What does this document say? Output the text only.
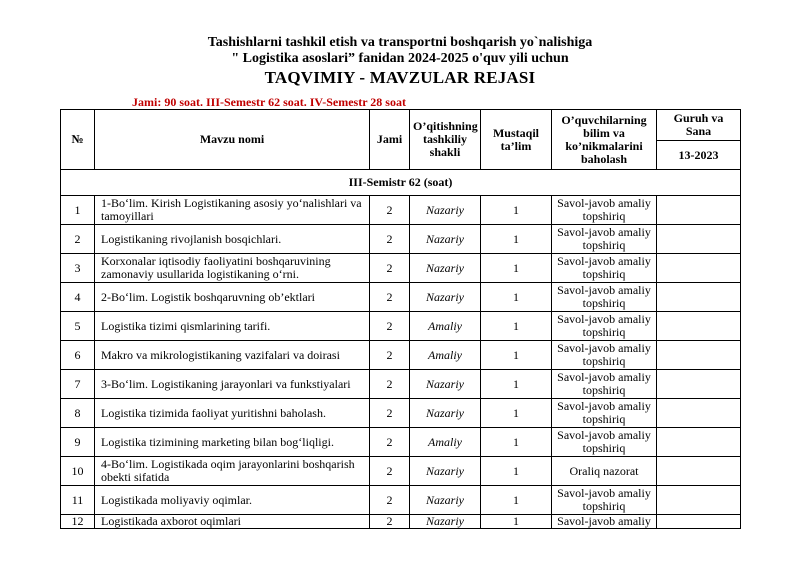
Tashishlarni tashkil etish va transportni boshqarish yo`nalishiga
" Logistika asoslari” fanidan 2024-2025 o'quv yili uchun
TAQVIMIY - MAVZULAR REJASI
Jami: 90 soat. III-Semestr 62 soat. IV-Semestr 28 soat
№	Mavzu nomi	Jami	O’qitishning tashkiliy shakli	Mustaqil ta’lim	O’quvchilarning bilim va ko’nikmalarini baholash	Guruh va Sana
						13-2023
III-Semistr 62 (soat)						
1	1-Bo‘lim. Kirish Logistikaning asosiy yo‘nalishlari va tamoyillari	2	Nazariy	1	Savol-javob amaliy
topshiriq	

2	Logistikaning rivojlanish bosqichlari.	2	Nazariy	1	Savol-javob amaliy
topshiriq	

3	Korxonalar iqtisodiy faoliyatini boshqaruvining zamonaviy usullarida logistikaning o‘rni.	2	Nazariy	1	Savol-javob amaliy
topshiriq	

4	2-Bo‘lim. Logistik boshqaruvning ob’ektlari	2	Nazariy	1	Savol-javob amaliy
topshiriq	

5	Logistika tizimi qismlarining tarifi.	2	Amaliy	1	Savol-javob amaliy
topshiriq	

6	Makro va mikrologistikaning vazifalari va doirasi	2	Amaliy	1	Savol-javob amaliy
topshiriq	

7	3-Bo‘lim. Logistikaning jarayonlari va funkstiyalari	2	Nazariy	1	Savol-javob amaliy
topshiriq	

8	Logistika tizimida faoliyat yuritishni baholash.	2	Nazariy	1	Savol-javob amaliy
topshiriq	

9	Logistika tizimining marketing bilan bog‘liqligi.	2	Amaliy	1	Savol-javob amaliy
topshiriq	

10	4-Bo‘lim. Logistikada oqim jarayonlarini boshqarish obekti sifatida	2	Nazariy	1	Oraliq nazorat	

11	Logistikada moliyaviy oqimlar.	2	Nazariy	1	Savol-javob amaliy
topshiriq	

12	Logistikada axborot oqimlari	2	Nazariy	1	Savol-javob amaliy	
